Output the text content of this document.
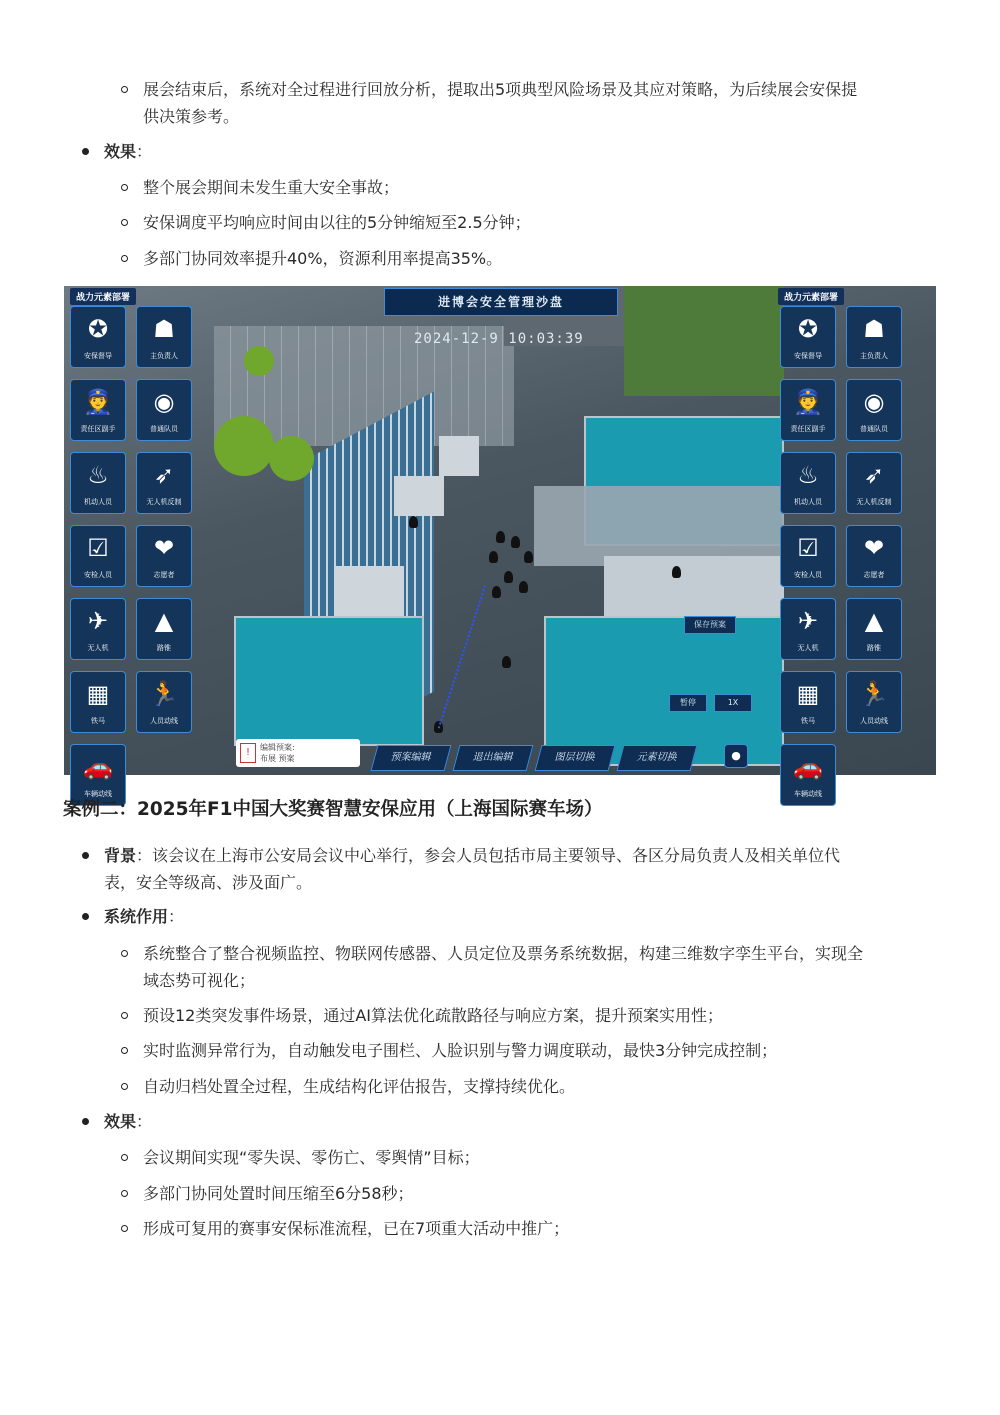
展会结束后，系统对全过程进行回放分析，提取出5项典型风险场景及其应对策略，为后续展会安保提
供决策参考。
效果：
整个展会期间未发生重大安全事故；
安保调度平均响应时间由以往的5分钟缩短至2.5分钟；
多部门协同效率提升40%，资源利用率提高35%。
进博会安全管理沙盘
2024-12-9 10:03:39
战力元素部署	战力元素部署
✪
安保督导
☗
主负责人
👮
责任区副手
◉
普通队员
♨
机动人员
➶
无人机反制
☑
安检人员
❤
志愿者
✈
无人机
▲
路锥
▦
铁马
🏃
人员动线
🚗
车辆动线
✪
安保督导
☗
主负责人
👮
责任区副手
◉
普通队员
♨
机动人员
➶
无人机反制
☑
安检人员
❤
志愿者
✈
无人机
▲
路锥
▦
铁马
🏃
人员动线
🚗
车辆动线
!	编辑预案:
布展 预案	预案编辑	退出编辑	图层切换	元素切换	●
保存预案
暂停	1X
案例二：2025年F1中国大奖赛智慧安保应用（上海国际赛车场）
背景：该会议在上海市公安局会议中心举行，参会人员包括市局主要领导、各区分局负责人及相关单位代
表，安全等级高、涉及面广。
系统作用：
系统整合了整合视频监控、物联网传感器、人员定位及票务系统数据，构建三维数字孪生平台，实现全
域态势可视化；
预设12类突发事件场景，通过AI算法优化疏散路径与响应方案，提升预案实用性；
实时监测异常行为，自动触发电子围栏、人脸识别与警力调度联动，最快3分钟完成控制；
自动归档处置全过程，生成结构化评估报告，支撑持续优化。
效果：
会议期间实现“零失误、零伤亡、零舆情”目标；
多部门协同处置时间压缩至6分58秒；
形成可复用的赛事安保标准流程，已在7项重大活动中推广；
